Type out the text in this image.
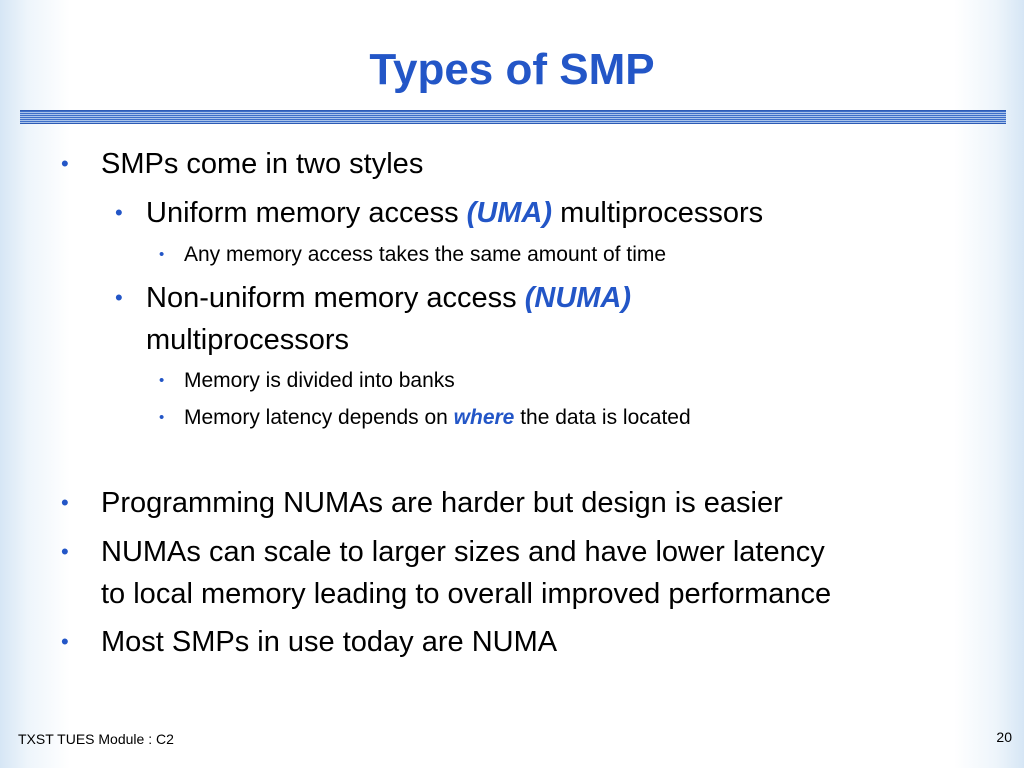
Types of SMP

• SMPs come in two styles

• Uniform memory access (UMA) multiprocessors

• Any memory access takes the same amount of time

• Non-uniform memory access (NUMA)

multiprocessors

• Memory is divided into banks

• Memory latency depends on where the data is located

• Programming NUMAs are harder but design is easier

• NUMAs can scale to larger sizes and have lower latency

to local memory leading to overall improved performance

• Most SMPs in use today are NUMA

TXST TUES Module : C2	20
